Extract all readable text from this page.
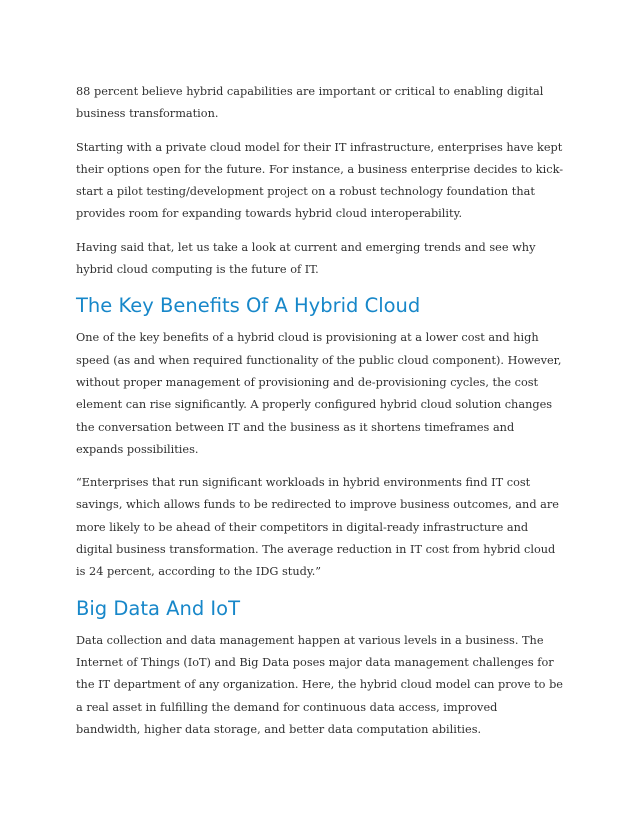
88 percent believe hybrid capabilities are important or critical to enabling digital business transformation.

Starting with a private cloud model for their IT infrastructure, enterprises have kept their options open for the future. For instance, a business enterprise decides to kick-start a pilot testing/development project on a robust technology foundation that provides room for expanding towards hybrid cloud interoperability.

Having said that, let us take a look at current and emerging trends and see why hybrid cloud computing is the future of IT.

The Key Benefits Of A Hybrid Cloud

One of the key benefits of a hybrid cloud is provisioning at a lower cost and high speed (as and when required functionality of the public cloud component). However, without proper management of provisioning and de-provisioning cycles, the cost element can rise significantly. A properly configured hybrid cloud solution changes the conversation between IT and the business as it shortens timeframes and expands possibilities.

“Enterprises that run significant workloads in hybrid environments find IT cost savings, which allows funds to be redirected to improve business outcomes, and are more likely to be ahead of their competitors in digital-ready infrastructure and digital business transformation. The average reduction in IT cost from hybrid cloud is 24 percent, according to the IDG study.”

Big Data And IoT

Data collection and data management happen at various levels in a business. The Internet of Things (IoT) and Big Data poses major data management challenges for the IT department of any organization. Here, the hybrid cloud model can prove to be a real asset in fulfilling the demand for continuous data access, improved bandwidth, higher data storage, and better data computation abilities.
